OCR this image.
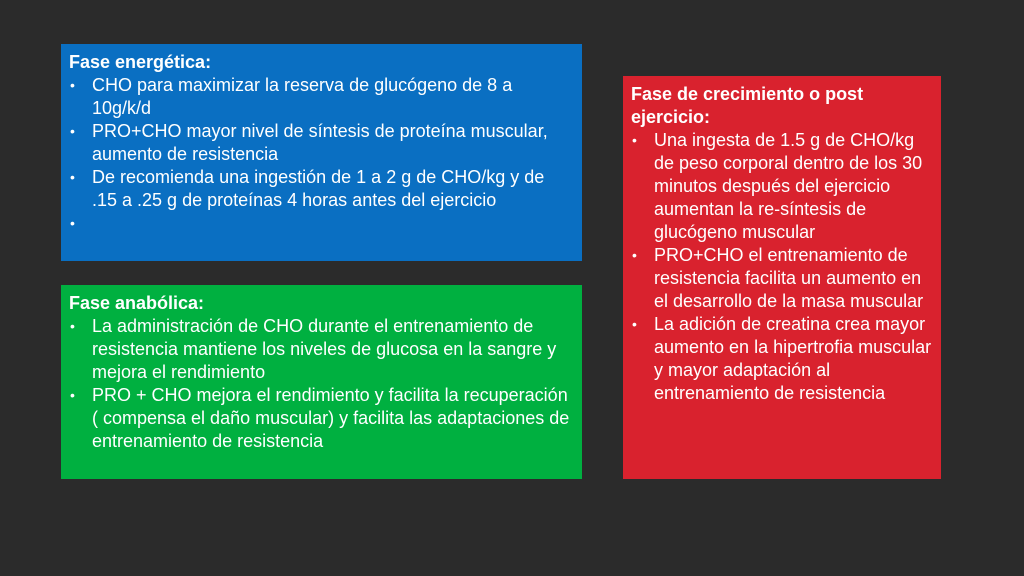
Fase energética:
• CHO para maximizar la reserva de glucógeno de 8 a 10g/k/d
• PRO+CHO mayor nivel de síntesis de proteína muscular, aumento de resistencia
• De recomienda una ingestión de 1 a 2 g de CHO/kg y de .15 a .25 g de proteínas 4 horas antes del ejercicio
•
Fase anabólica:
• La administración de CHO durante el entrenamiento de resistencia mantiene los niveles de glucosa en la sangre y mejora el rendimiento
• PRO + CHO mejora el rendimiento y facilita la recuperación ( compensa el daño muscular) y facilita las adaptaciones de entrenamiento de resistencia
Fase de crecimiento o post ejercicio:
• Una ingesta de 1.5 g de CHO/kg de peso corporal dentro de los 30 minutos después del ejercicio aumentan la re-síntesis de glucógeno muscular
• PRO+CHO el entrenamiento de resistencia facilita un aumento en el desarrollo de la masa muscular
• La adición de creatina crea mayor aumento en la hipertrofia muscular y mayor adaptación al entrenamiento de resistencia
